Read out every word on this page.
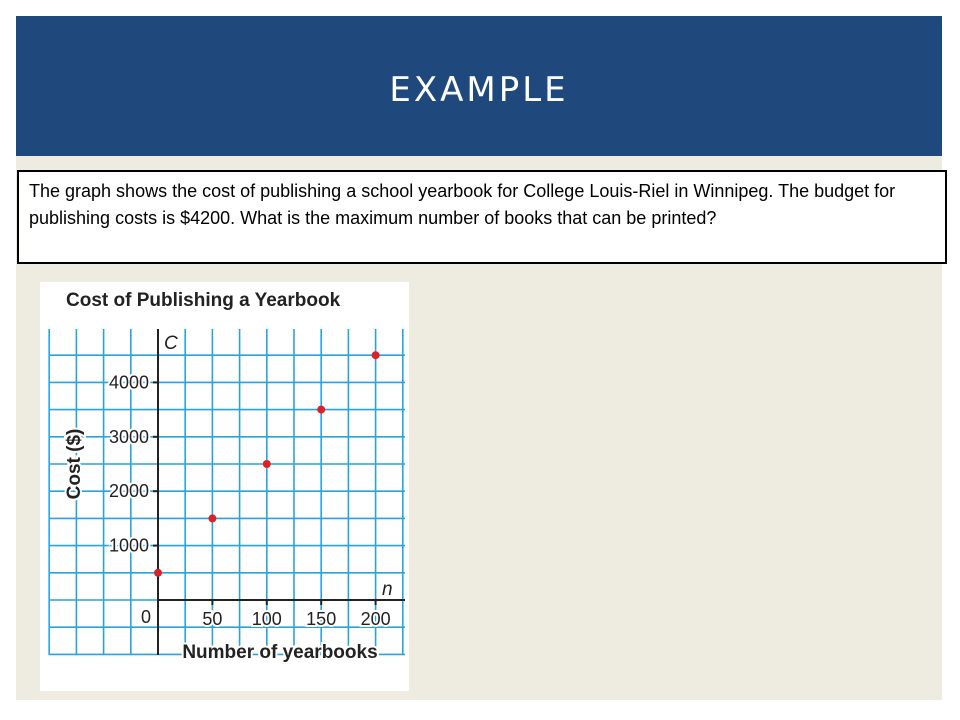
EXAMPLE
The graph shows the cost of publishing a school yearbook for College Louis-Riel in Winnipeg. The budget for publishing costs is $4200. What is the maximum number of books that can be printed?
Cost of Publishing a Yearbook
1000
2000
3000
4000
50 100 150 200
0
C
n
Number of yearbooks
Cost ($)
